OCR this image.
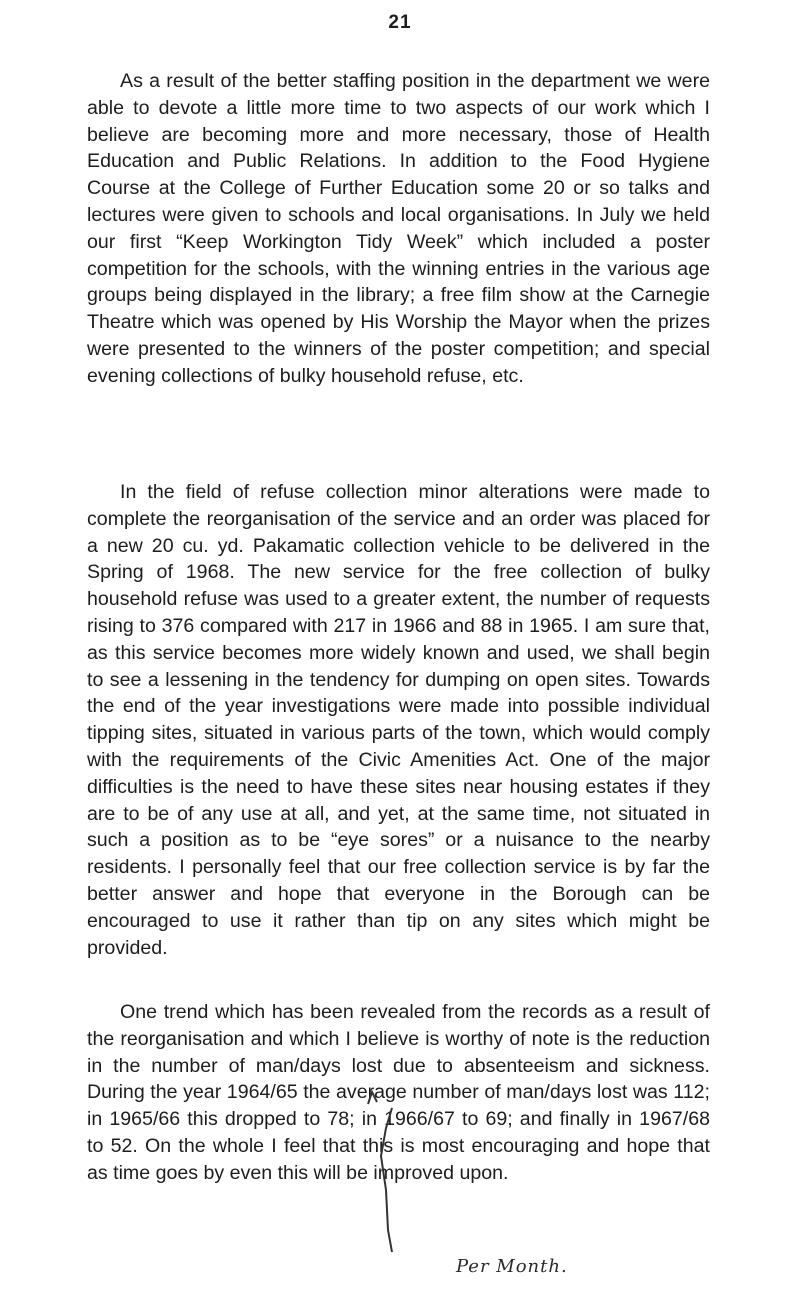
21

As a result of the better staffing position in the department we were able to devote a little more time to two aspects of our work which I believe are becoming more and more necessary, those of Health Education and Public Relations. In addition to the Food Hygiene Course at the College of Further Education some 20 or so talks and lectures were given to schools and local organisations. In July we held our first “Keep Workington Tidy Week” which included a poster competition for the schools, with the winning entries in the various age groups being displayed in the library; a free film show at the Carnegie Theatre which was opened by His Worship the Mayor when the prizes were presented to the winners of the poster competition; and special evening collections of bulky household refuse, etc.

In the field of refuse collection minor alterations were made to complete the reorganisation of the service and an order was placed for a new 20 cu. yd. Pakamatic collection vehicle to be delivered in the Spring of 1968. The new service for the free collection of bulky household refuse was used to a greater extent, the number of requests rising to 376 compared with 217 in 1966 and 88 in 1965. I am sure that, as this service becomes more widely known and used, we shall begin to see a lessening in the tendency for dumping on open sites. Towards the end of the year investigations were made into possible individual tipping sites, situated in various parts of the town, which would comply with the requirements of the Civic Amenities Act. One of the major difficulties is the need to have these sites near housing estates if they are to be of any use at all, and yet, at the same time, not situated in such a position as to be “eye sores” or a nuisance to the nearby residents. I personally feel that our free collection service is by far the better answer and hope that everyone in the Borough can be encouraged to use it rather than tip on any sites which might be provided.

One trend which has been revealed from the records as a result of the reorganisation and which I believe is worthy of note is the reduction in the number of man/days lost due to absenteeism and sickness. During the year 1964/65 the average number of man/days lost was 112; in 1965/66 this dropped to 78; in 1966/67 to 69; and finally in 1967/68 to 52. On the whole I feel that this is most encouraging and hope that as time goes by even this will be improved upon.

Per Month.
